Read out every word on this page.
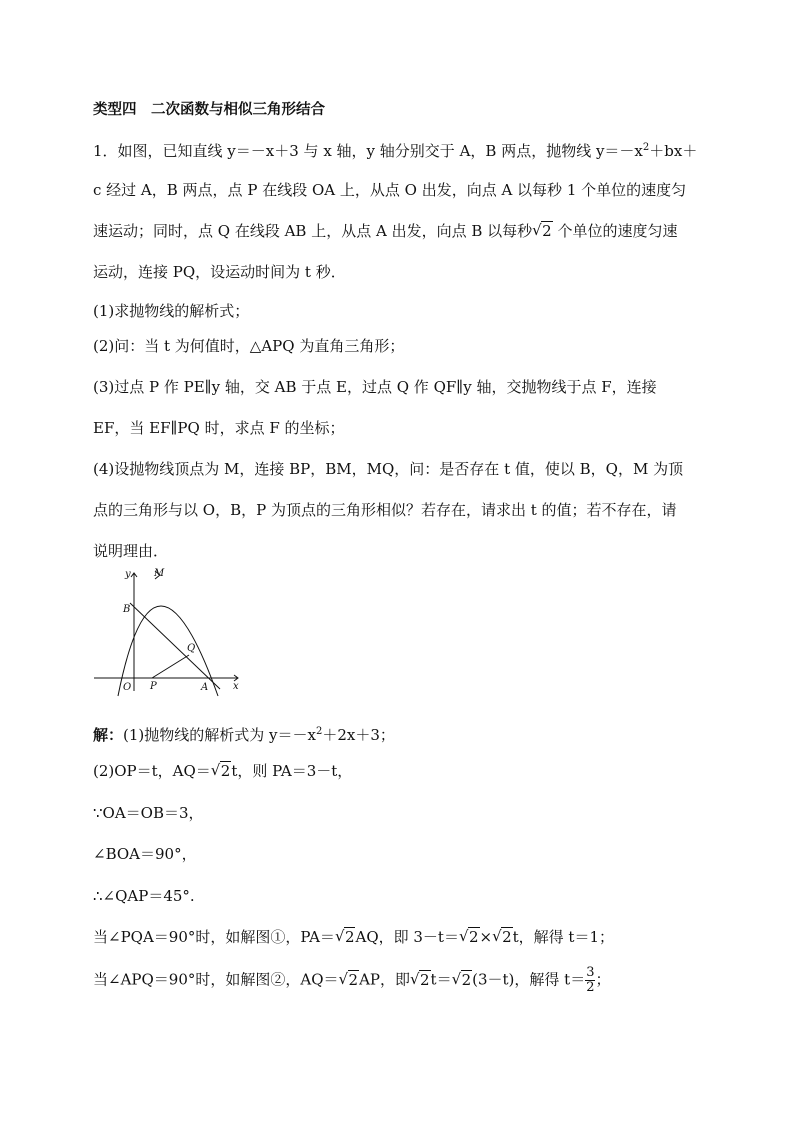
类型四　二次函数与相似三角形结合
1．如图，已知直线 y＝－x＋3 与 x 轴，y 轴分别交于 A，B 两点，抛物线 $y=-x^2+bx+$
c 经过 A，B 两点，点 P 在线段 OA 上，从点 O 出发，向点 A 以每秒 1 个单位的速度匀
速运动；同时，点 Q 在线段 AB 上，从点 A 出发，向点 B 以每秒 √ 2 个单位的速度匀速
运动，连接 PQ，设运动时间为 t 秒．
(1)求抛物线的解析式；
(2)问：当 t 为何值时，△APQ 为直角三角形；
(3)过点 P 作 PE∥y 轴，交 AB 于点 E，过点 Q 作 QF∥y 轴，交抛物线于点 F，连接
EF，当 EF∥PQ 时，求点 F 的坐标；
(4)设抛物线顶点为 M，连接 BP，BM，MQ，问：是否存在 t 值，使以 B，Q，M 为顶
点的三角形与以 O，B，P 为顶点的三角形相似？若存在，请求出 t 的值；若不存在，请
说明理由．
y
x
M
B
Q
O P	A
解：(1)抛物线的解析式为 $y=-x^2+2x+3$；
(2)OP＝t，AQ＝ √ 2t，则 PA＝3－t，
∵OA＝OB＝3，
∠BOA＝90°，
∴∠QAP＝45°.
当∠PQA＝90°时，如解图①，PA＝ √ 2AQ，即 3－t＝ √ 2× √ 2t，解得 t＝1；
当∠APQ＝90°时，如解图②，AQ＝ √ 2AP，即 √ 2t＝ √ 2(3－t)，解得 $t= \frac{3}{2}$ ；
